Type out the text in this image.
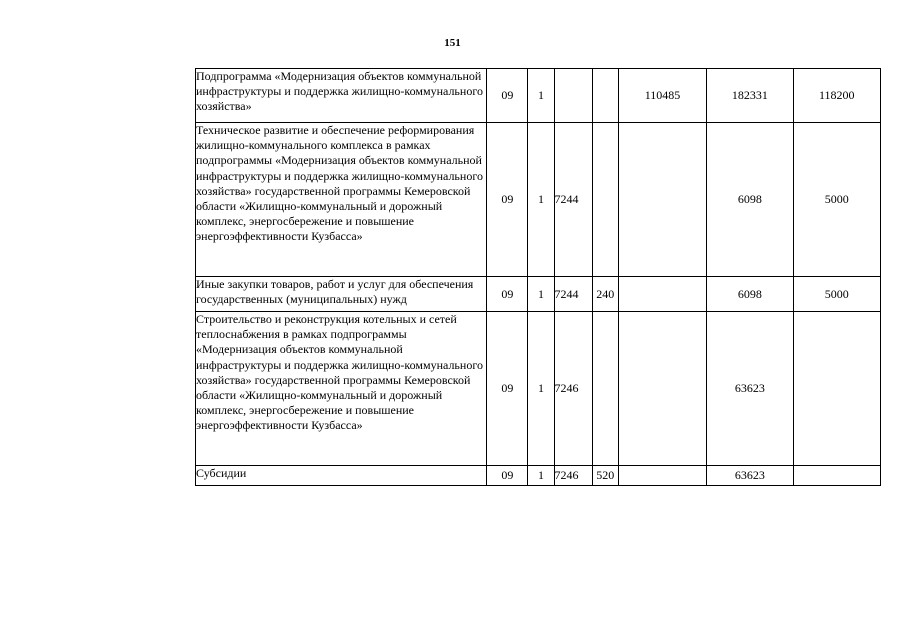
151
Подпрограмма «Модернизация объектов коммунальной инфраструктуры и поддержка жилищно-коммунального хозяйства»	09	1			110485	182331	118200
Техническое развитие и обеспечение реформирования жилищно-коммунального комплекса в рамках подпрограммы «Модернизация объектов коммунальной инфраструктуры и поддержка жилищно-коммунального хозяйства» государственной программы Кемеровской области «Жилищно-коммунальный и дорожный комплекс, энергосбережение и повышение энергоэффективности Кузбасса»	09	1	7244			6098	5000
Иные закупки товаров, работ и услуг для обеспечения государственных (муниципальных) нужд	09	1	7244	240		6098	5000
Строительство и реконструкция котельных и сетей теплоснабжения в рамках подпрограммы «Модернизация объектов коммунальной инфраструктуры и поддержка жилищно-коммунального хозяйства» государственной программы Кемеровской области «Жилищно-коммунальный и дорожный комплекс, энергосбережение и повышение энергоэффективности Кузбасса»	09	1	7246			63623	
Субсидии	09	1	7246	520		63623	
